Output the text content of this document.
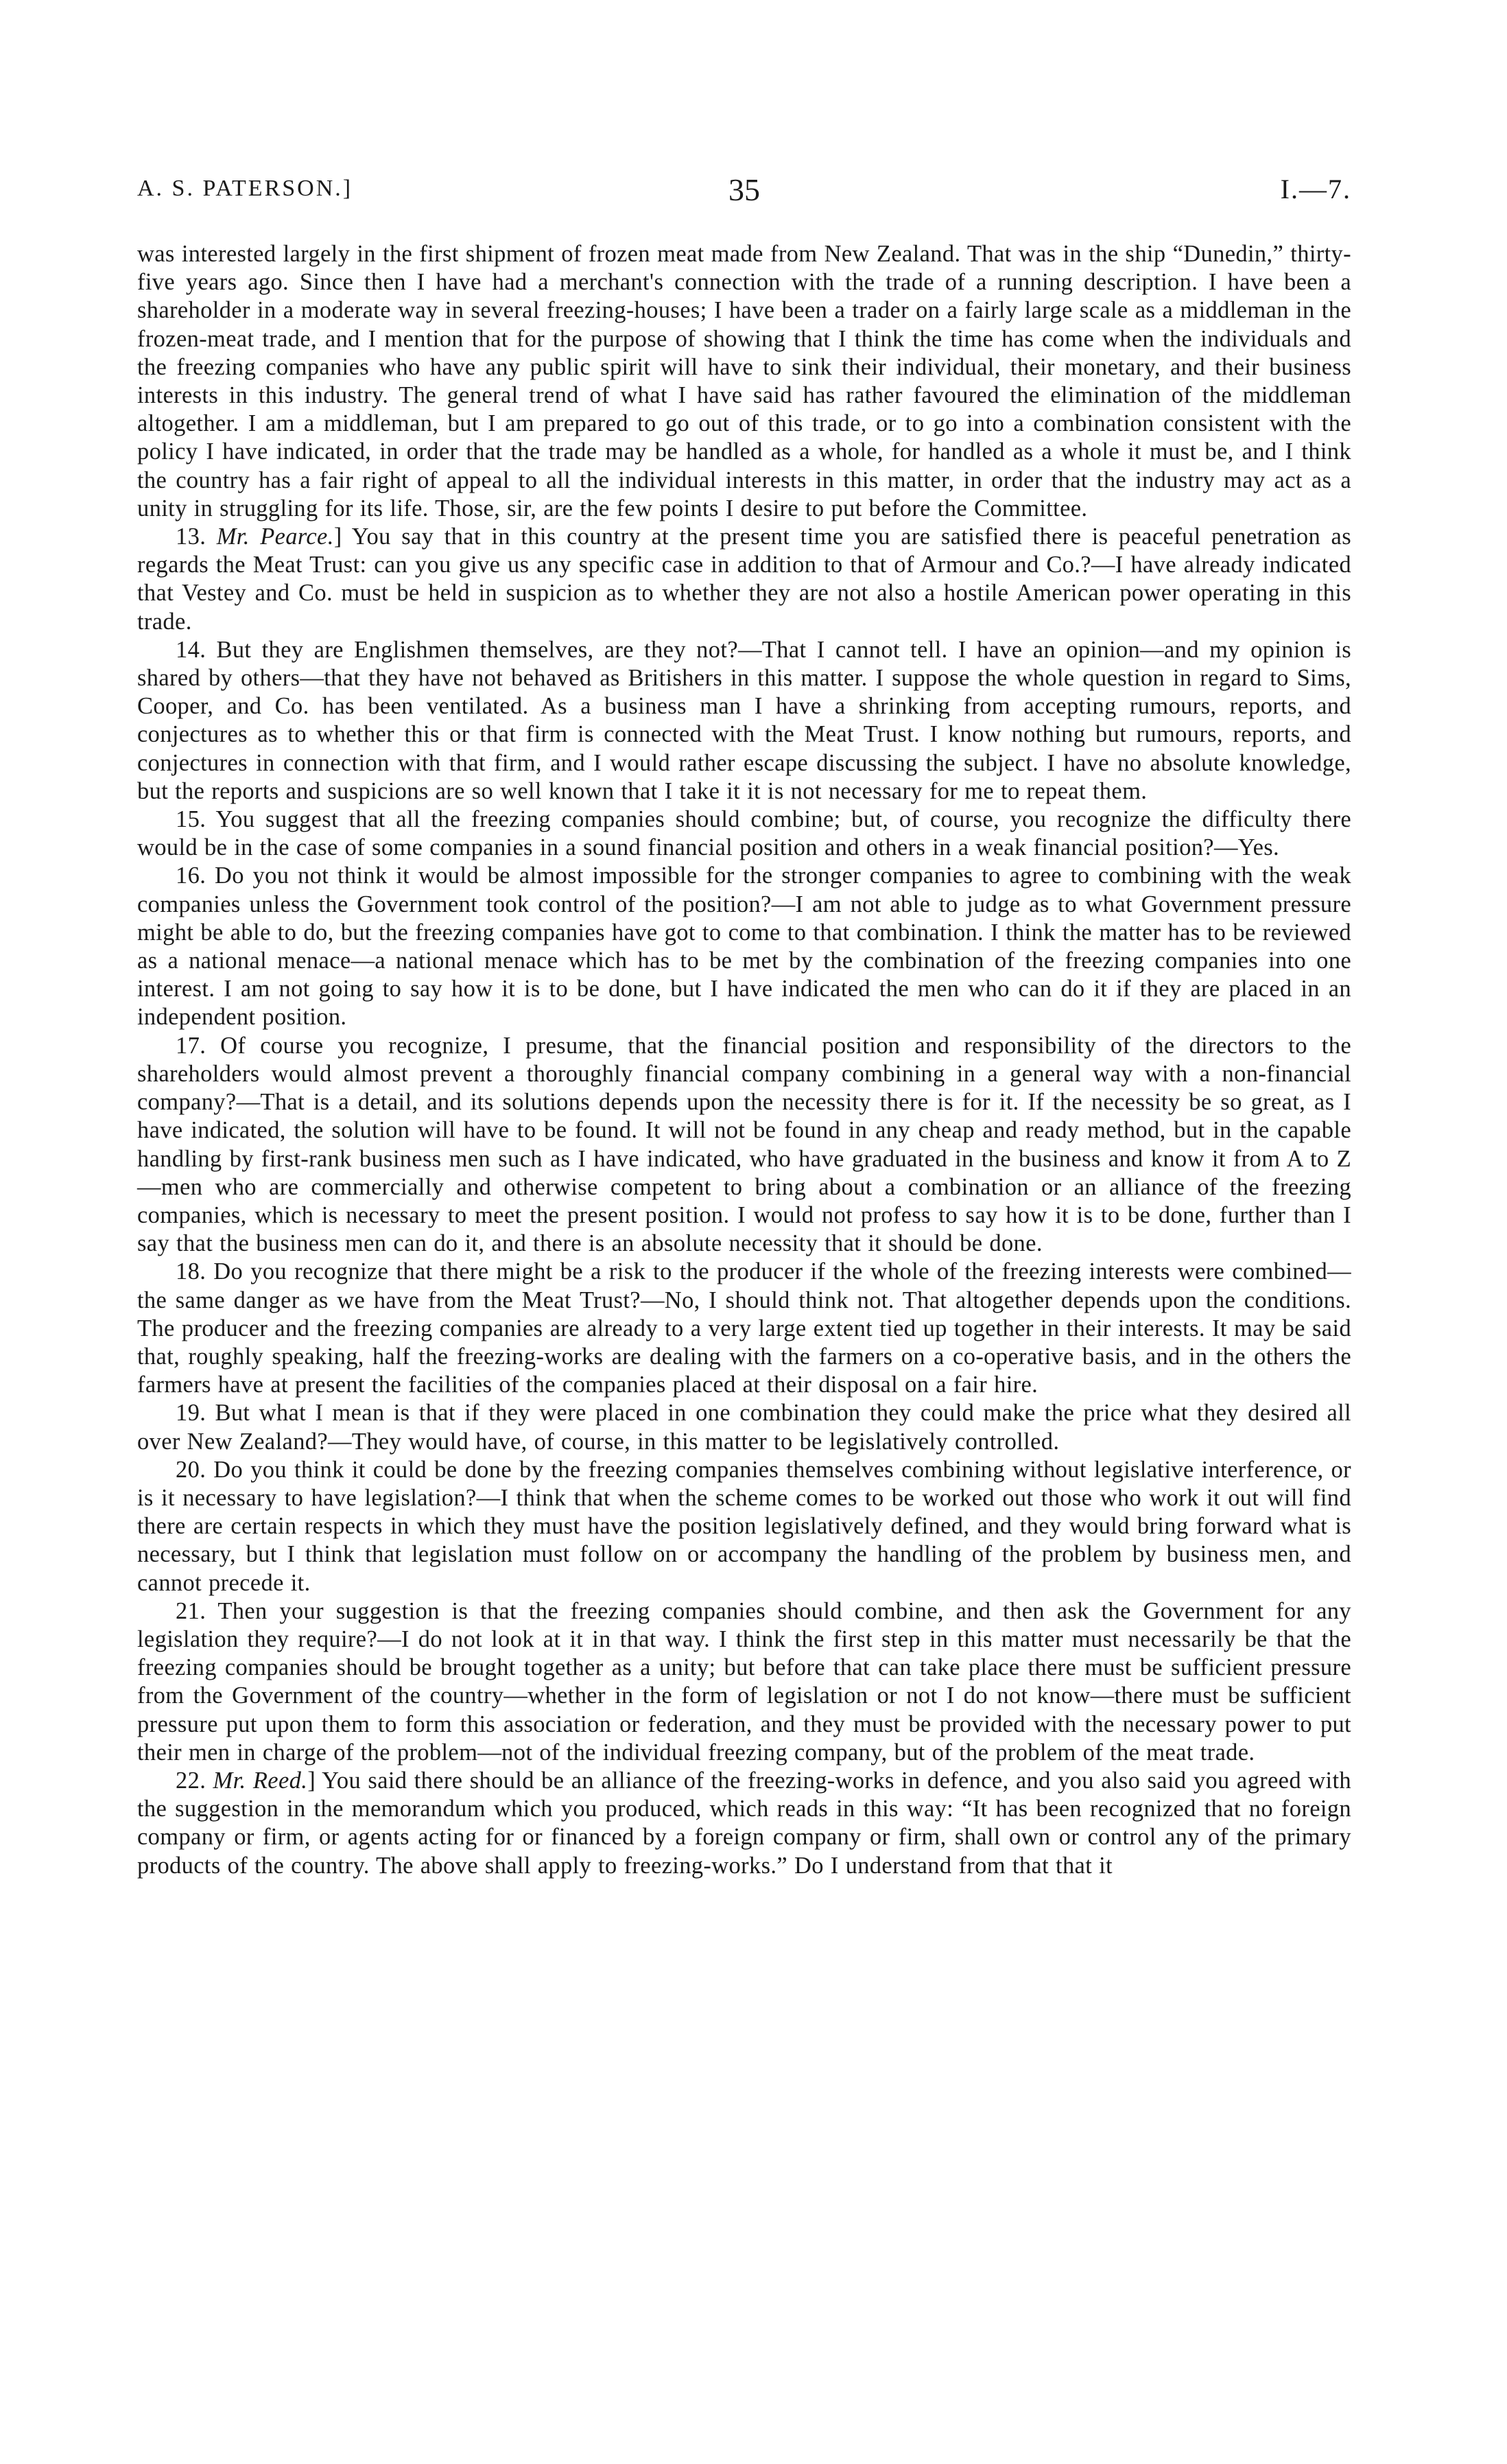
A. S. PATERSON.]	35	I.—7.

was interested largely in the first shipment of frozen meat made from New Zealand. That was in the ship “Dunedin,” thirty-five years ago. Since then I have had a merchant's connection with the trade of a running description. I have been a shareholder in a moderate way in several freezing-houses; I have been a trader on a fairly large scale as a middleman in the frozen-meat trade, and I mention that for the purpose of showing that I think the time has come when the individuals and the freezing companies who have any public spirit will have to sink their individual, their monetary, and their business interests in this industry. The general trend of what I have said has rather favoured the elimination of the middleman altogether. I am a middleman, but I am prepared to go out of this trade, or to go into a combination consistent with the policy I have indicated, in order that the trade may be handled as a whole, for handled as a whole it must be, and I think the country has a fair right of appeal to all the individual interests in this matter, in order that the industry may act as a unity in struggling for its life. Those, sir, are the few points I desire to put before the Committee.

13. Mr. Pearce.] You say that in this country at the present time you are satisfied there is peaceful penetration as regards the Meat Trust: can you give us any specific case in addition to that of Armour and Co.?—I have already indicated that Vestey and Co. must be held in suspicion as to whether they are not also a hostile American power operating in this trade.

14. But they are Englishmen themselves, are they not?—That I cannot tell. I have an opinion—and my opinion is shared by others—that they have not behaved as Britishers in this matter. I suppose the whole question in regard to Sims, Cooper, and Co. has been ventilated. As a business man I have a shrinking from accepting rumours, reports, and conjectures as to whether this or that firm is connected with the Meat Trust. I know nothing but rumours, reports, and conjectures in connection with that firm, and I would rather escape discussing the subject. I have no absolute knowledge, but the reports and suspicions are so well known that I take it it is not necessary for me to repeat them.

15. You suggest that all the freezing companies should combine; but, of course, you recognize the difficulty there would be in the case of some companies in a sound financial position and others in a weak financial position?—Yes.

16. Do you not think it would be almost impossible for the stronger companies to agree to combining with the weak companies unless the Government took control of the position?—I am not able to judge as to what Government pressure might be able to do, but the freezing companies have got to come to that combination. I think the matter has to be reviewed as a national menace—a national menace which has to be met by the combination of the freezing companies into one interest. I am not going to say how it is to be done, but I have indicated the men who can do it if they are placed in an independent position.

17. Of course you recognize, I presume, that the financial position and responsibility of the directors to the shareholders would almost prevent a thoroughly financial company combining in a general way with a non-financial company?—That is a detail, and its solutions depends upon the necessity there is for it. If the necessity be so great, as I have indicated, the solution will have to be found. It will not be found in any cheap and ready method, but in the capable handling by first-rank business men such as I have indicated, who have graduated in the business and know it from A to Z—men who are commercially and otherwise competent to bring about a combination or an alliance of the freezing companies, which is necessary to meet the present position. I would not profess to say how it is to be done, further than I say that the business men can do it, and there is an absolute necessity that it should be done.

18. Do you recognize that there might be a risk to the producer if the whole of the freezing interests were combined—the same danger as we have from the Meat Trust?—No, I should think not. That altogether depends upon the conditions. The producer and the freezing companies are already to a very large extent tied up together in their interests. It may be said that, roughly speaking, half the freezing-works are dealing with the farmers on a co-operative basis, and in the others the farmers have at present the facilities of the companies placed at their disposal on a fair hire.

19. But what I mean is that if they were placed in one combination they could make the price what they desired all over New Zealand?—They would have, of course, in this matter to be legislatively controlled.

20. Do you think it could be done by the freezing companies themselves combining without legislative interference, or is it necessary to have legislation?—I think that when the scheme comes to be worked out those who work it out will find there are certain respects in which they must have the position legislatively defined, and they would bring forward what is necessary, but I think that legislation must follow on or accompany the handling of the problem by business men, and cannot precede it.

21. Then your suggestion is that the freezing companies should combine, and then ask the Government for any legislation they require?—I do not look at it in that way. I think the first step in this matter must necessarily be that the freezing companies should be brought together as a unity; but before that can take place there must be sufficient pressure from the Government of the country—whether in the form of legislation or not I do not know—there must be sufficient pressure put upon them to form this association or federation, and they must be provided with the necessary power to put their men in charge of the problem—not of the individual freezing company, but of the problem of the meat trade.

22. Mr. Reed.] You said there should be an alliance of the freezing-works in defence, and you also said you agreed with the suggestion in the memorandum which you produced, which reads in this way: “It has been recognized that no foreign company or firm, or agents acting for or financed by a foreign company or firm, shall own or control any of the primary products of the country. The above shall apply to freezing-works.” Do I understand from that that it
